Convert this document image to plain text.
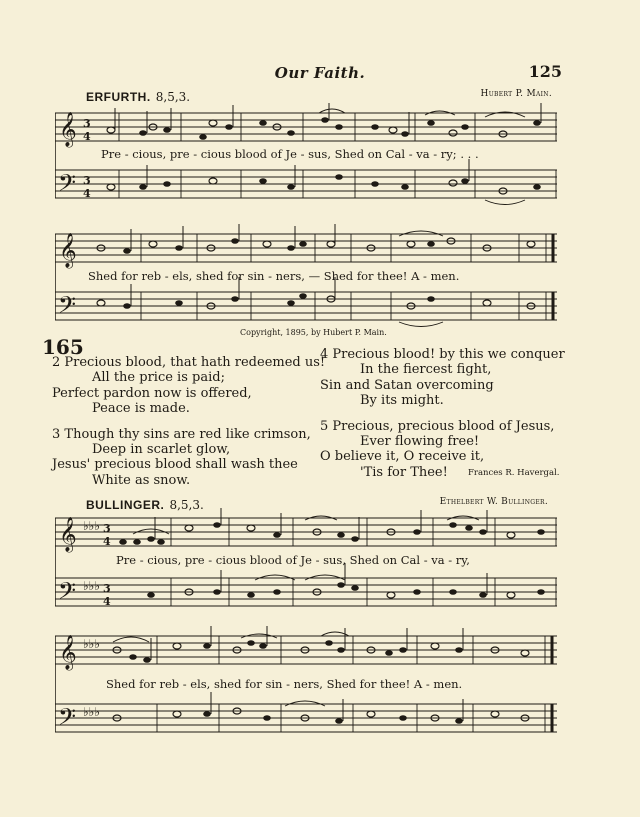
Our Faith.	125
ERFURTH. 8,5,3.	Hubert P. Main.
𝄞
𝄢
3
4
3
4
Pre - cious, pre - cious blood of Je - sus, Shed on Cal - va - ry; . . .
𝄞
𝄢
Shed for reb - els, shed for sin - ners, — Shed for thee! A - men.
Copyright, 1895, by Hubert P. Main.
165
2 Precious blood, that hath redeemed us!
All the price is paid;
Perfect pardon now is offered,
Peace is made.
3 Though thy sins are red like crimson,
Deep in scarlet glow,
Jesus' precious blood shall wash thee
White as snow.
4 Precious blood! by this we conquer
In the fiercest fight,
Sin and Satan overcoming
By its might.
5 Precious, precious blood of Jesus,
Ever flowing free!
O believe it, O receive it,
'Tis for Thee!	Frances R. Havergal.
BULLINGER. 8,5,3.	Ethelbert W. Bullinger.
𝄞
𝄢
♭♭♭
♭♭♭
3
4
3
4
Pre - cious, pre - cious blood of Je - sus, Shed on Cal - va - ry,
𝄞
𝄢
♭♭♭
♭♭♭
Shed for reb - els, shed for sin - ners, Shed for thee! A - men.
